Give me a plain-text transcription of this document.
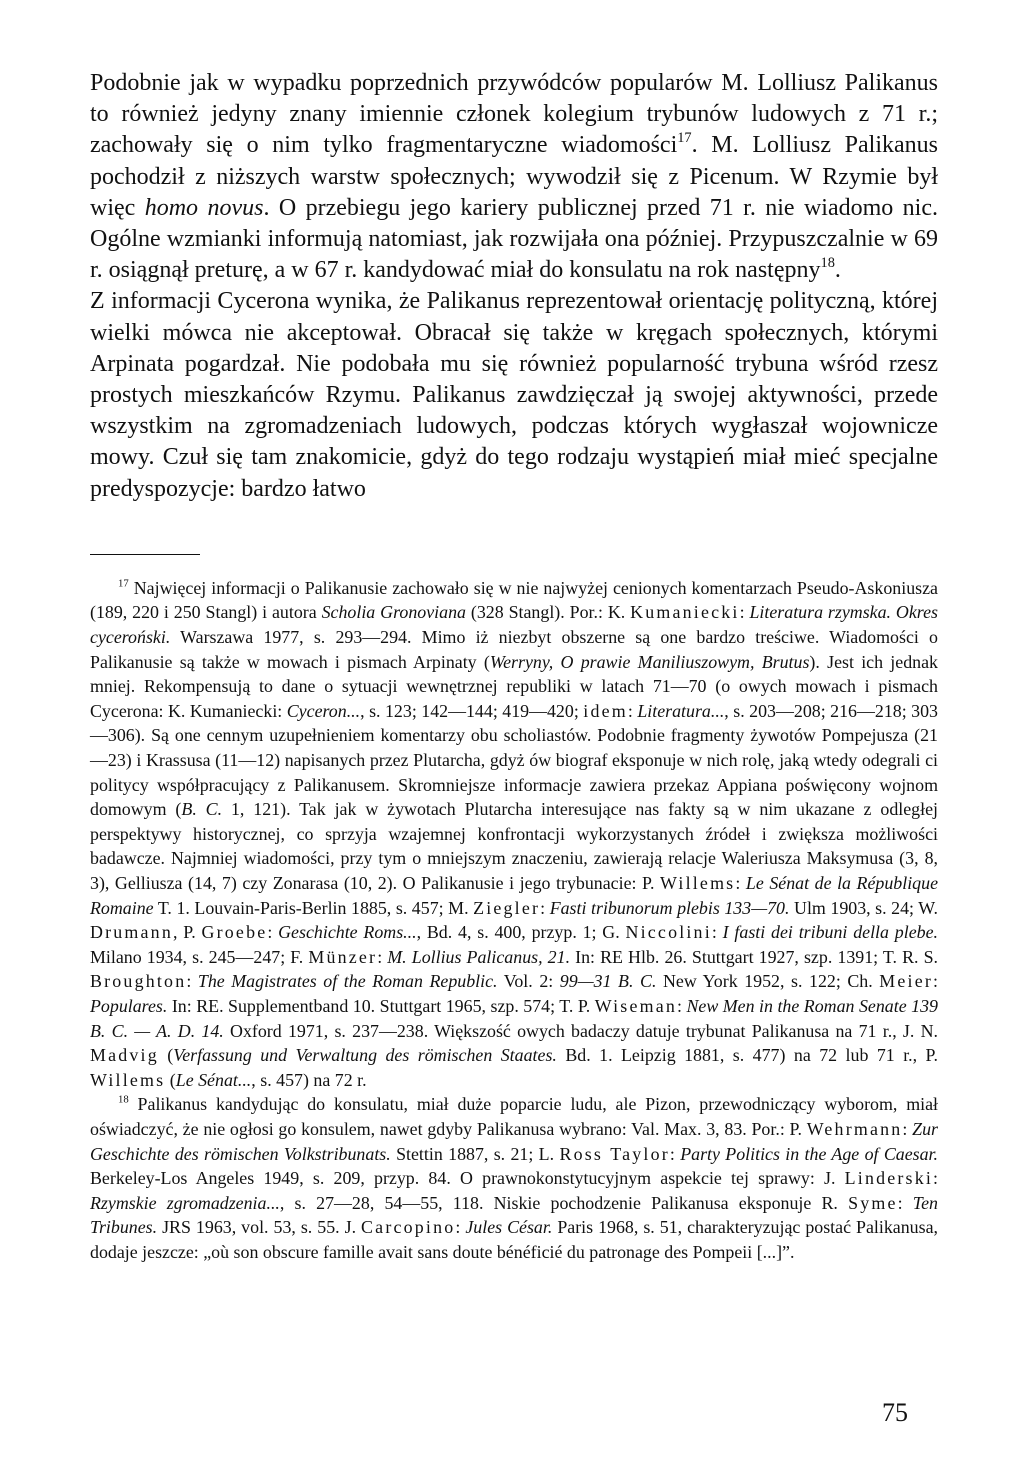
Podobnie jak w wypadku poprzednich przywódców popularów M. Lolliusz Palikanus to również jedyny znany imiennie członek kolegium trybunów ludowych z 71 r.; zachowały się o nim tylko fragmentaryczne wiadomości$^{17}$. M. Lolliusz Palikanus pochodził z niższych warstw społecznych; wywodził się z Picenum. W Rzymie był więc homo novus. O przebiegu jego kariery publicznej przed 71 r. nie wiadomo nic. Ogólne wzmianki informują natomiast, jak rozwijała ona później. Przypuszczalnie w 69 r. osiągnął preturę, a w 67 r. kandydować miał do konsulatu na rok następny$^{18}$.

Z informacji Cycerona wynika, że Palikanus reprezentował orientację polityczną, której wielki mówca nie akceptował. Obracał się także w kręgach społecznych, którymi Arpinata pogardzał. Nie podobała mu się również popularność trybuna wśród rzesz prostych mieszkańców Rzymu. Palikanus zawdzięczał ją swojej aktywności, przede wszystkim na zgromadzeniach ludowych, podczas których wygłaszał wojownicze mowy. Czuł się tam znakomicie, gdyż do tego rodzaju wystąpień miał mieć specjalne predyspozycje: bardzo łatwo

$^{17}$ Najwięcej informacji o Palikanusie zachowało się w nie najwyżej cenionych komentarzach Pseudo-Askoniusza (189, 220 i 250 Stangl) i autora Scholia Gronoviana (328 Stangl). Por.: K. Kumaniecki: Literatura rzymska. Okres cyceroński. Warszawa 1977, s. 293—294. Mimo iż niezbyt obszerne są one bardzo treściwe. Wiadomości o Palikanusie są także w mowach i pismach Arpinaty (Werryny, O prawie Maniliuszowym, Brutus). Jest ich jednak mniej. Rekompensują to dane o sytuacji wewnętrznej republiki w latach 71—70 (o owych mowach i pismach Cycerona: K. Kumaniecki: Cyceron..., s. 123; 142—144; 419—420; idem: Literatura..., s. 203—208; 216—218; 303—306). Są one cennym uzupełnieniem komentarzy obu scholiastów. Podobnie fragmenty żywotów Pompejusza (21—23) i Krassusa (11—12) napisanych przez Plutarcha, gdyż ów biograf eksponuje w nich rolę, jaką wtedy odegrali ci politycy współpracujący z Palikanusem. Skromniejsze informacje zawiera przekaz Appiana poświęcony wojnom domowym (B. C. 1, 121). Tak jak w żywotach Plutarcha interesujące nas fakty są w nim ukazane z odległej perspektywy historycznej, co sprzyja wzajemnej konfrontacji wykorzystanych źródeł i zwiększa możliwości badawcze. Najmniej wiadomości, przy tym o mniejszym znaczeniu, zawierają relacje Waleriusza Maksymusa (3, 8, 3), Gelliusza (14, 7) czy Zonarasa (10, 2). O Palikanusie i jego trybunacie: P. Willems: Le Sénat de la République Romaine T. 1. Louvain-Paris-Berlin 1885, s. 457; M. Ziegler: Fasti tribunorum plebis 133—70. Ulm 1903, s. 24; W. Drumann, P. Groebe: Geschichte Roms..., Bd. 4, s. 400, przyp. 1; G. Niccolini: I fasti dei tribuni della plebe. Milano 1934, s. 245—247; F. Münzer: M. Lollius Palicanus, 21. In: RE Hlb. 26. Stuttgart 1927, szp. 1391; T. R. S. Broughton: The Magistrates of the Roman Republic. Vol. 2: 99—31 B. C. New York 1952, s. 122; Ch. Meier: Populares. In: RE. Supplementband 10. Stuttgart 1965, szp. 574; T. P. Wiseman: New Men in the Roman Senate 139 B. C. — A. D. 14. Oxford 1971, s. 237—238. Większość owych badaczy datuje trybunat Palikanusa na 71 r., J. N. Madvig (Verfassung und Verwaltung des römischen Staates. Bd. 1. Leipzig 1881, s. 477) na 72 lub 71 r., P. Willems (Le Sénat..., s. 457) na 72 r.

$^{18}$ Palikanus kandydując do konsulatu, miał duże poparcie ludu, ale Pizon, przewodniczący wyborom, miał oświadczyć, że nie ogłosi go konsulem, nawet gdyby Palikanusa wybrano: Val. Max. 3, 83. Por.: P. Wehrmann: Zur Geschichte des römischen Volkstribunats. Stettin 1887, s. 21; L. Ross Taylor: Party Politics in the Age of Caesar. Berkeley-Los Angeles 1949, s. 209, przyp. 84. O prawnokonstytucyjnym aspekcie tej sprawy: J. Linderski: Rzymskie zgromadzenia..., s. 27—28, 54—55, 118. Niskie pochodzenie Palikanusa eksponuje R. Syme: Ten Tribunes. JRS 1963, vol. 53, s. 55. J. Carcopino: Jules César. Paris 1968, s. 51, charakteryzując postać Palikanusa, dodaje jeszcze: „où son obscure famille avait sans doute bénéficié du patronage des Pompeii [...]”.

75
